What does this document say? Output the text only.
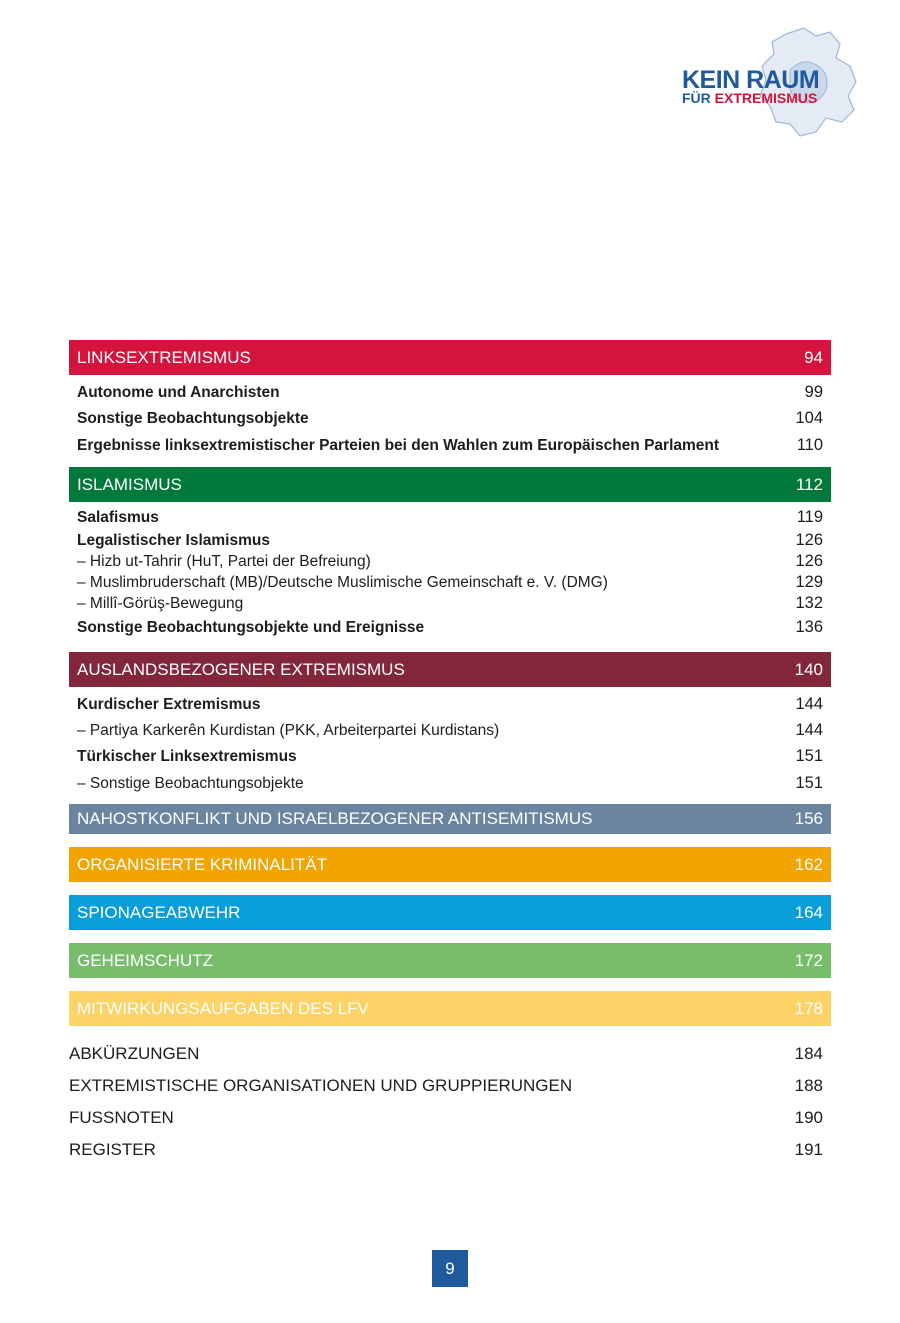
KEIN RAUM
FÜR EXTREMISMUS
LINKSEXTREMISMUS	94
Autonome und Anarchisten	99
Sonstige Beobachtungsobjekte	104
Ergebnisse linksextremistischer Parteien bei den Wahlen zum Europäischen Parlament	110
ISLAMISMUS	112
Salafismus	119
Legalistischer Islamismus	126
– Hizb ut-Tahrir (HuT, Partei der Befreiung)	126
– Muslimbruderschaft (MB)/Deutsche Muslimische Gemeinschaft e. V. (DMG)	129
– Millî-Görüş-Bewegung	132
Sonstige Beobachtungsobjekte und Ereignisse	136
AUSLANDSBEZOGENER EXTREMISMUS	140
Kurdischer Extremismus	144
– Partiya Karkerên Kurdistan (PKK, Arbeiterpartei Kurdistans)	144
Türkischer Linksextremismus	151
– Sonstige Beobachtungsobjekte	151
NAHOSTKONFLIKT UND ISRAELBEZOGENER ANTISEMITISMUS	156
ORGANISIERTE KRIMINALITÄT	162
SPIONAGEABWEHR	164
GEHEIMSCHUTZ	172
MITWIRKUNGSAUFGABEN DES LFV	178
ABKÜRZUNGEN	184
EXTREMISTISCHE ORGANISATIONEN UND GRUPPIERUNGEN	188
FUSSNOTEN	190
REGISTER	191
9
